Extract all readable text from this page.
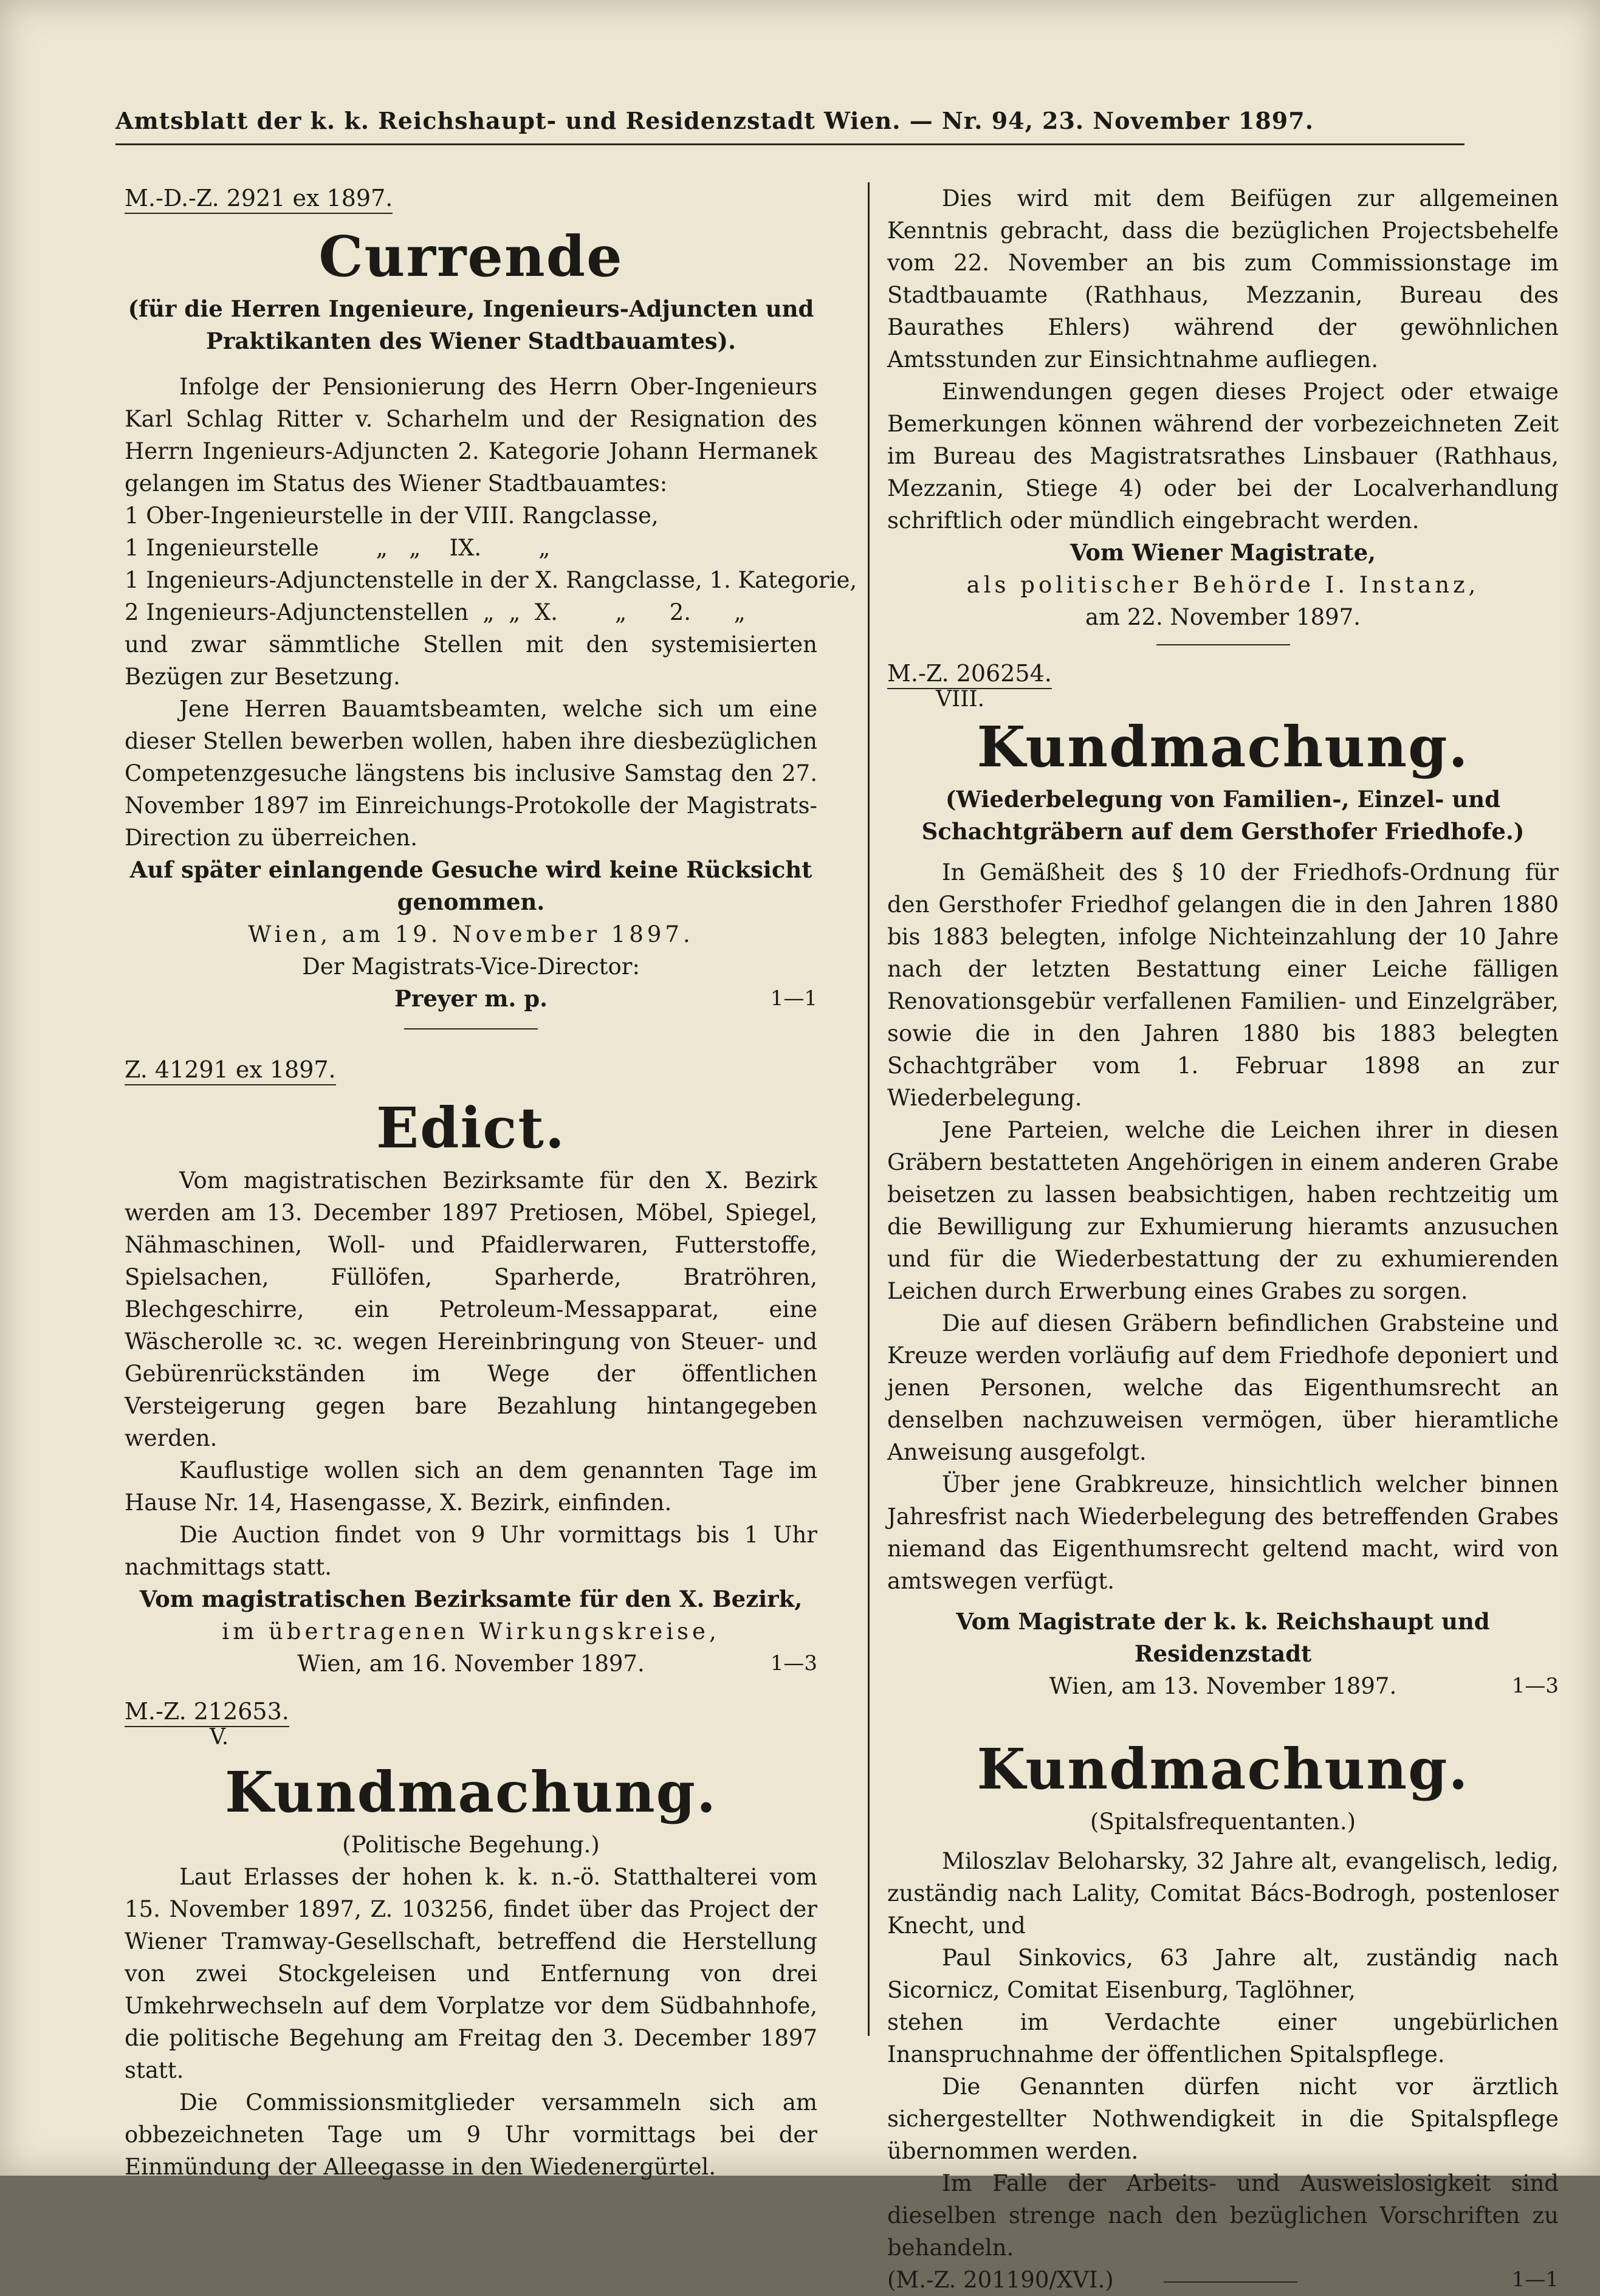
Amtsblatt der k. k. Reichshaupt- und Residenzstadt Wien. — Nr. 94, 23. November 1897.
M.-D.-Z. 2921 ex 1897.
Currende
(für die Herren Ingenieure, Ingenieurs-Adjuncten und Praktikanten des Wiener Stadtbauamtes).
Infolge der Pensionierung des Herrn Ober-Ingenieurs Karl Schlag Ritter v. Scharhelm und der Resignation des Herrn Ingenieurs-Adjuncten 2. Kategorie Johann Hermanek gelangen im Status des Wiener Stadtbauamtes:
1 Ober-Ingenieurstelle in der VIII. Rangclasse,
1 Ingenieurstelle        „   „    IX.        „
1 Ingenieurs-Adjunctenstelle in der X. Rangclasse, 1. Kategorie,
2 Ingenieurs-Adjunctenstellen  „  „  X.        „      2.      „
und zwar sämmtliche Stellen mit den systemisierten Bezügen zur Besetzung.
Jene Herren Bauamtsbeamten, welche sich um eine dieser Stellen bewerben wollen, haben ihre diesbezüglichen Competenzgesuche längstens bis inclusive Samstag den 27. November 1897 im Einreichungs-Protokolle der Magistrats-Direction zu überreichen.
Auf später einlangende Gesuche wird keine Rücksicht genommen.
Wien, am 19. November 1897.
Der Magistrats-Vice-Director:
Preyer m. p.	1—1
Z. 41291 ex 1897.
Edict.
Vom magistratischen Bezirksamte für den X. Bezirk werden am 13. December 1897 Pretiosen, Möbel, Spiegel, Nähmaschinen, Woll- und Pfaidlerwaren, Futterstoffe, Spielsachen, Füllöfen, Sparherde, Bratröhren, Blechgeschirre, ein Petroleum-Messapparat, eine Wäscherolle ꝛc. ꝛc. wegen Hereinbringung von Steuer- und Gebürenrückständen im Wege der öffentlichen Versteigerung gegen bare Bezahlung hintangegeben werden.
Kauflustige wollen sich an dem genannten Tage im Hause Nr. 14, Hasengasse, X. Bezirk, einfinden.
Die Auction findet von 9 Uhr vormittags bis 1 Uhr nachmittags statt.
Vom magistratischen Bezirksamte für den X. Bezirk,
im übertragenen Wirkungskreise,
Wien, am 16. November 1897.	1—3
M.-Z. 212653.
V.
Kundmachung.
(Politische Begehung.)
Laut Erlasses der hohen k. k. n.-ö. Statthalterei vom 15. November 1897, Z. 103256, findet über das Project der Wiener Tramway-Gesellschaft, betreffend die Herstellung von zwei Stockgeleisen und Entfernung von drei Umkehrwechseln auf dem Vorplatze vor dem Südbahnhofe, die politische Begehung am Freitag den 3. December 1897 statt.
Die Commissionsmitglieder versammeln sich am obbezeichneten Tage um 9 Uhr vormittags bei der Einmündung der Alleegasse in den Wiedenergürtel.
Dies wird mit dem Beifügen zur allgemeinen Kenntnis gebracht, dass die bezüglichen Projectsbehelfe vom 22. November an bis zum Commissionstage im Stadtbauamte (Rathhaus, Mezzanin, Bureau des Baurathes Ehlers) während der gewöhnlichen Amtsstunden zur Einsichtnahme aufliegen.
Einwendungen gegen dieses Project oder etwaige Bemerkungen können während der vorbezeichneten Zeit im Bureau des Magistratsrathes Linsbauer (Rathhaus, Mezzanin, Stiege 4) oder bei der Localverhandlung schriftlich oder mündlich eingebracht werden.
Vom Wiener Magistrate,
als politischer Behörde I. Instanz,
am 22. November 1897.
M.-Z. 206254.
VIII.
Kundmachung.
(Wiederbelegung von Familien-, Einzel- und Schachtgräbern auf dem Gersthofer Friedhofe.)
In Gemäßheit des § 10 der Friedhofs-Ordnung für den Gersthofer Friedhof gelangen die in den Jahren 1880 bis 1883 belegten, infolge Nichteinzahlung der 10 Jahre nach der letzten Bestattung einer Leiche fälligen Renovationsgebür verfallenen Familien- und Einzelgräber, sowie die in den Jahren 1880 bis 1883 belegten Schachtgräber vom 1. Februar 1898 an zur Wiederbelegung.
Jene Parteien, welche die Leichen ihrer in diesen Gräbern bestatteten Angehörigen in einem anderen Grabe beisetzen zu lassen beabsichtigen, haben rechtzeitig um die Bewilligung zur Exhumierung hieramts anzusuchen und für die Wiederbestattung der zu exhumierenden Leichen durch Erwerbung eines Grabes zu sorgen.
Die auf diesen Gräbern befindlichen Grabsteine und Kreuze werden vorläufig auf dem Friedhofe deponiert und jenen Personen, welche das Eigenthumsrecht an denselben nachzuweisen vermögen, über hieramtliche Anweisung ausgefolgt.
Über jene Grabkreuze, hinsichtlich welcher binnen Jahresfrist nach Wiederbelegung des betreffenden Grabes niemand das Eigenthumsrecht geltend macht, wird von amtswegen verfügt.
Vom Magistrate der k. k. Reichshaupt und Residenzstadt
Wien, am 13. November 1897.	1—3
Kundmachung.
(Spitalsfrequentanten.)
Miloszlav Beloharsky, 32 Jahre alt, evangelisch, ledig, zuständig nach Lality, Comitat Bács-Bodrogh, postenloser Knecht, und
Paul Sinkovics, 63 Jahre alt, zuständig nach Sicornicz, Comitat Eisenburg, Taglöhner,
stehen im Verdachte einer ungebürlichen Inanspruchnahme der öffentlichen Spitalspflege.
Die Genannten dürfen nicht vor ärztlich sichergestellter Nothwendigkeit in die Spitalspflege übernommen werden.
Im Falle der Arbeits- und Ausweislosigkeit sind dieselben strenge nach den bezüglichen Vorschriften zu behandeln.
(M.-Z. 201190/XVI.)	1—1
